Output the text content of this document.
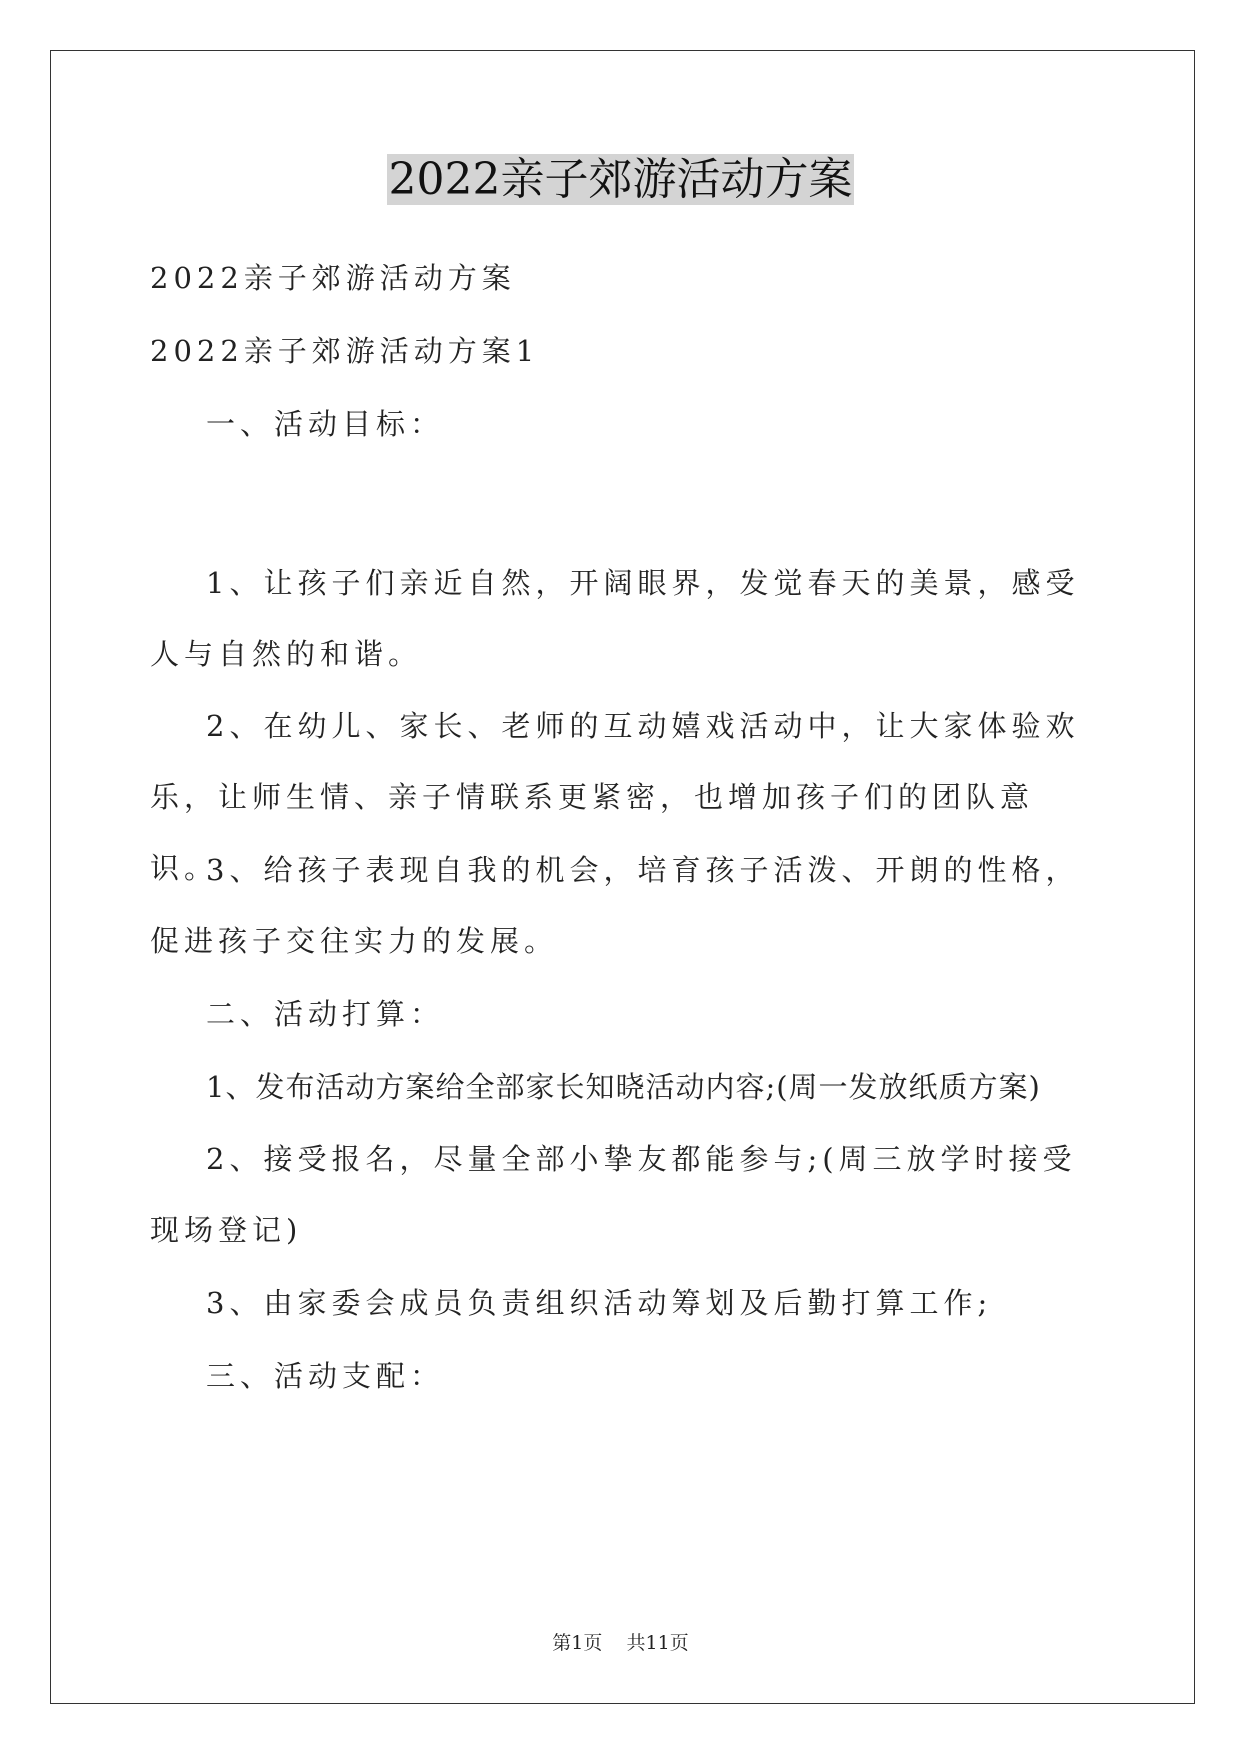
2022亲子郊游活动方案

2022亲子郊游活动方案

2022亲子郊游活动方案1

一、活动目标：

1、让孩子们亲近自然，开阔眼界，发觉春天的美景，感受人与自然的和谐。

2、在幼儿、家长、老师的互动嬉戏活动中，让大家体验欢乐，让师生情、亲子情联系更紧密，也增加孩子们的团队意识。

3、给孩子表现自我的机会，培育孩子活泼、开朗的性格，促进孩子交往实力的发展。

二、活动打算：

1、发布活动方案给全部家长知晓活动内容;(周一发放纸质方案)

2、接受报名，尽量全部小挚友都能参与;(周三放学时接受现场登记)

3、由家委会成员负责组织活动筹划及后勤打算工作;

三、活动支配：

第1页 共11页
